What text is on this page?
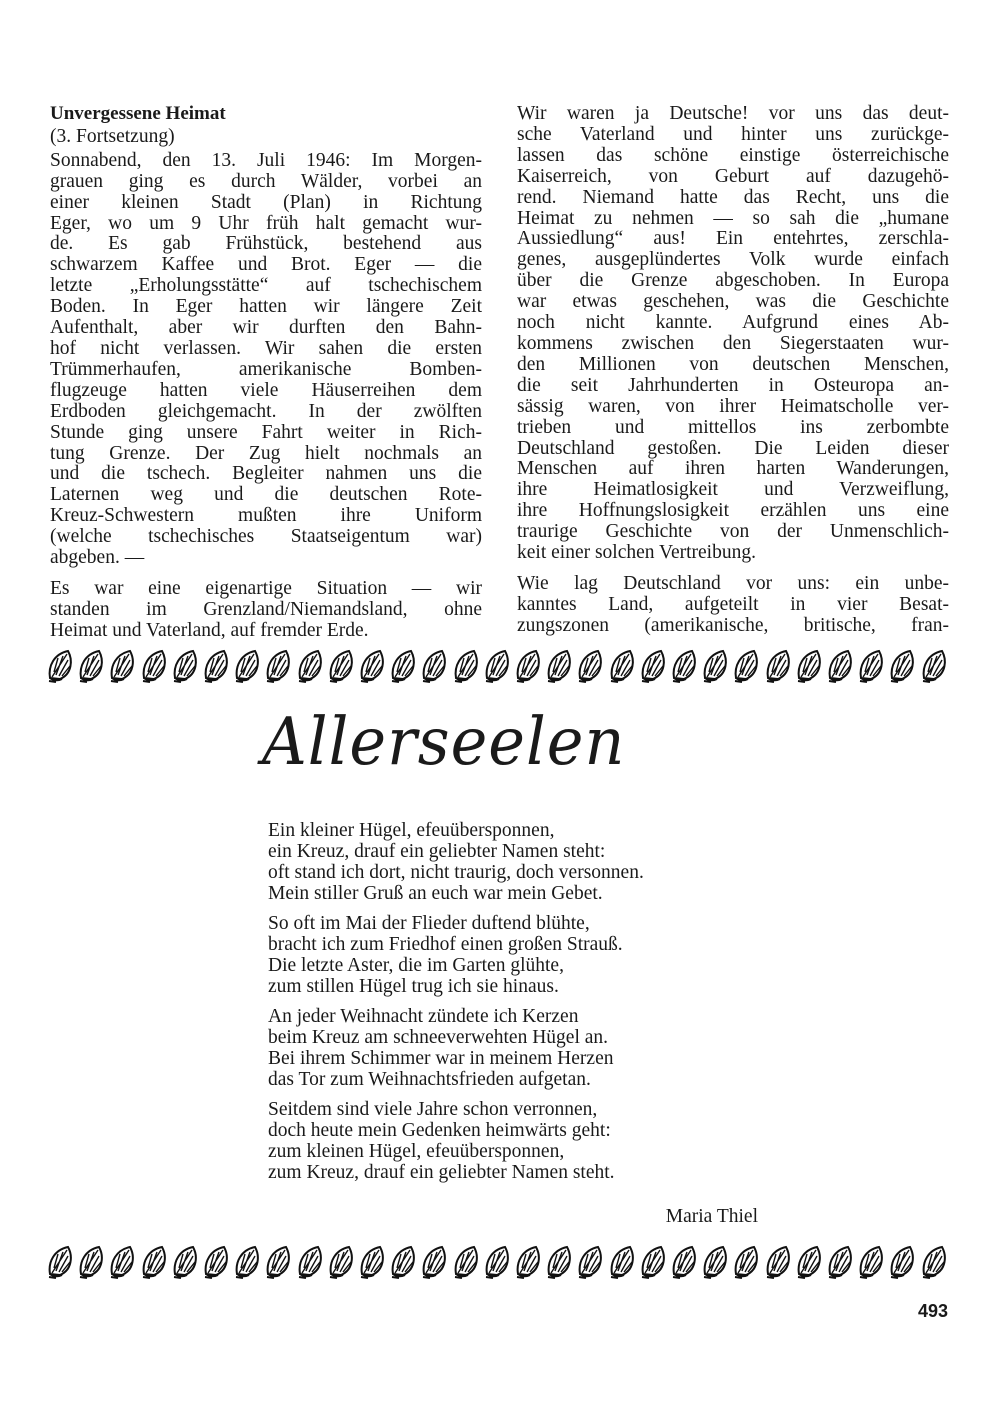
Unvergessene Heimat
(3. Fortsetzung)
Sonnabend, den 13. Juli 1946: Im Morgen-
grauen ging es durch Wälder, vorbei an
einer kleinen Stadt (Plan) in Richtung
Eger, wo um 9 Uhr früh halt gemacht wur-
de. Es gab Frühstück, bestehend aus
schwarzem Kaffee und Brot. Eger — die
letzte „Erholungsstätte“ auf tschechischem
Boden. In Eger hatten wir längere Zeit
Aufenthalt, aber wir durften den Bahn-
hof nicht verlassen. Wir sahen die ersten
Trümmerhaufen, amerikanische Bomben-
flugzeuge hatten viele Häuserreihen dem
Erdboden gleichgemacht. In der zwölften
Stunde ging unsere Fahrt weiter in Rich-
tung Grenze. Der Zug hielt nochmals an
und die tschech. Begleiter nahmen uns die
Laternen weg und die deutschen Rote-
Kreuz-Schwestern mußten ihre Uniform
(welche tschechisches Staatseigentum war)
abgeben. —
Es war eine eigenartige Situation — wir
standen im Grenzland/Niemandsland, ohne
Heimat und Vaterland, auf fremder Erde.
Wir waren ja Deutsche! vor uns das deut-
sche Vaterland und hinter uns zurückge-
lassen das schöne einstige österreichische
Kaiserreich, von Geburt auf dazugehö-
rend. Niemand hatte das Recht, uns die
Heimat zu nehmen — so sah die „humane
Aussiedlung“ aus! Ein entehrtes, zerschla-
genes, ausgeplündertes Volk wurde einfach
über die Grenze abgeschoben. In Europa
war etwas geschehen, was die Geschichte
noch nicht kannte. Aufgrund eines Ab-
kommens zwischen den Siegerstaaten wur-
den Millionen von deutschen Menschen,
die seit Jahrhunderten in Osteuropa an-
sässig waren, von ihrer Heimatscholle ver-
trieben und mittellos ins zerbombte
Deutschland gestoßen. Die Leiden dieser
Menschen auf ihren harten Wanderungen,
ihre Heimatlosigkeit und Verzweiflung,
ihre Hoffnungslosigkeit erzählen uns eine
traurige Geschichte von der Unmenschlich-
keit einer solchen Vertreibung.
Wie lag Deutschland vor uns: ein unbe-
kanntes Land, aufgeteilt in vier Besat-
zungszonen (amerikanische, britische, fran-
Allerseelen
Ein kleiner Hügel, efeuübersponnen,
ein Kreuz, drauf ein geliebter Namen steht:
oft stand ich dort, nicht traurig, doch versonnen.
Mein stiller Gruß an euch war mein Gebet.
So oft im Mai der Flieder duftend blühte,
bracht ich zum Friedhof einen großen Strauß.
Die letzte Aster, die im Garten glühte,
zum stillen Hügel trug ich sie hinaus.
An jeder Weihnacht zündete ich Kerzen
beim Kreuz am schneeverwehten Hügel an.
Bei ihrem Schimmer war in meinem Herzen
das Tor zum Weihnachtsfrieden aufgetan.
Seitdem sind viele Jahre schon verronnen,
doch heute mein Gedenken heimwärts geht:
zum kleinen Hügel, efeuübersponnen,
zum Kreuz, drauf ein geliebter Namen steht.
Maria Thiel
493
